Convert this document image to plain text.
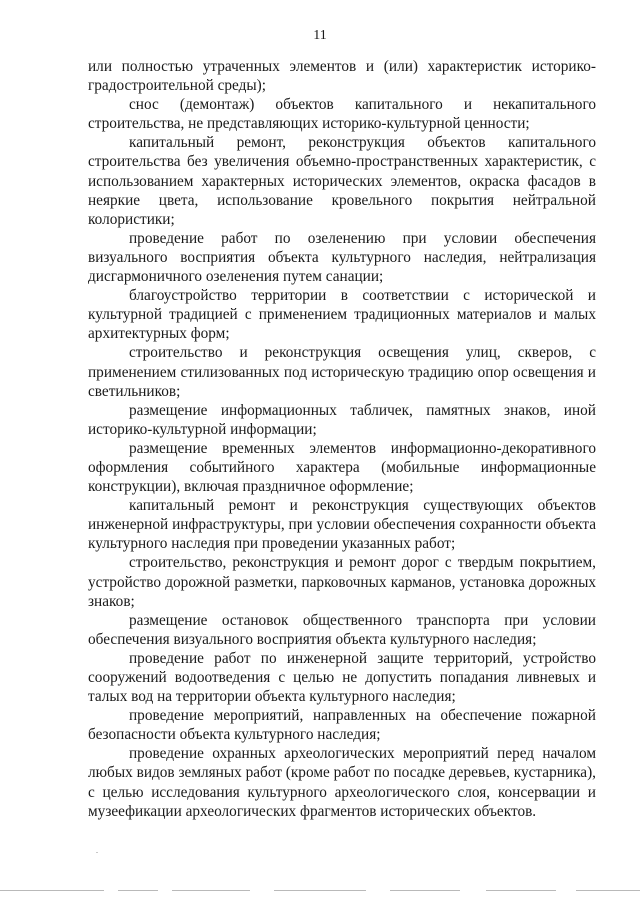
11

или полностью утраченных элементов и (или) характеристик историко-градостроительной среды);

снос (демонтаж) объектов капитального и некапитального строительства, не представляющих историко-культурной ценности;

капитальный ремонт, реконструкция объектов капитального строительства без увеличения объемно-пространственных характеристик, с использованием характерных исторических элементов, окраска фасадов в неяркие цвета, использование кровельного покрытия нейтральной колористики;

проведение работ по озеленению при условии обеспечения визуального восприятия объекта культурного наследия, нейтрализация дисгармоничного озеленения путем санации;

благоустройство территории в соответствии с исторической и культурной традицией с применением традиционных материалов и малых архитектурных форм;

строительство и реконструкция освещения улиц, скверов, с применением стилизованных под историческую традицию опор освещения и светильников;

размещение информационных табличек, памятных знаков, иной историко-культурной информации;

размещение временных элементов информационно-декоративного оформления событийного характера (мобильные информационные конструкции), включая праздничное оформление;

капитальный ремонт и реконструкция существующих объектов инженерной инфраструктуры, при условии обеспечения сохранности объекта культурного наследия при проведении указанных работ;

строительство, реконструкция и ремонт дорог с твердым покрытием, устройство дорожной разметки, парковочных карманов, установка дорожных знаков;

размещение остановок общественного транспорта при условии обеспечения визуального восприятия объекта культурного наследия;

проведение работ по инженерной защите территорий, устройство сооружений водоотведения с целью не допустить попадания ливневых и талых вод на территории объекта культурного наследия;

проведение мероприятий, направленных на обеспечение пожарной безопасности объекта культурного наследия;

проведение охранных археологических мероприятий перед началом любых видов земляных работ (кроме работ по посадке деревьев, кустарника), с целью исследования культурного археологического слоя, консервации и музеефикации археологических фрагментов исторических объектов.
